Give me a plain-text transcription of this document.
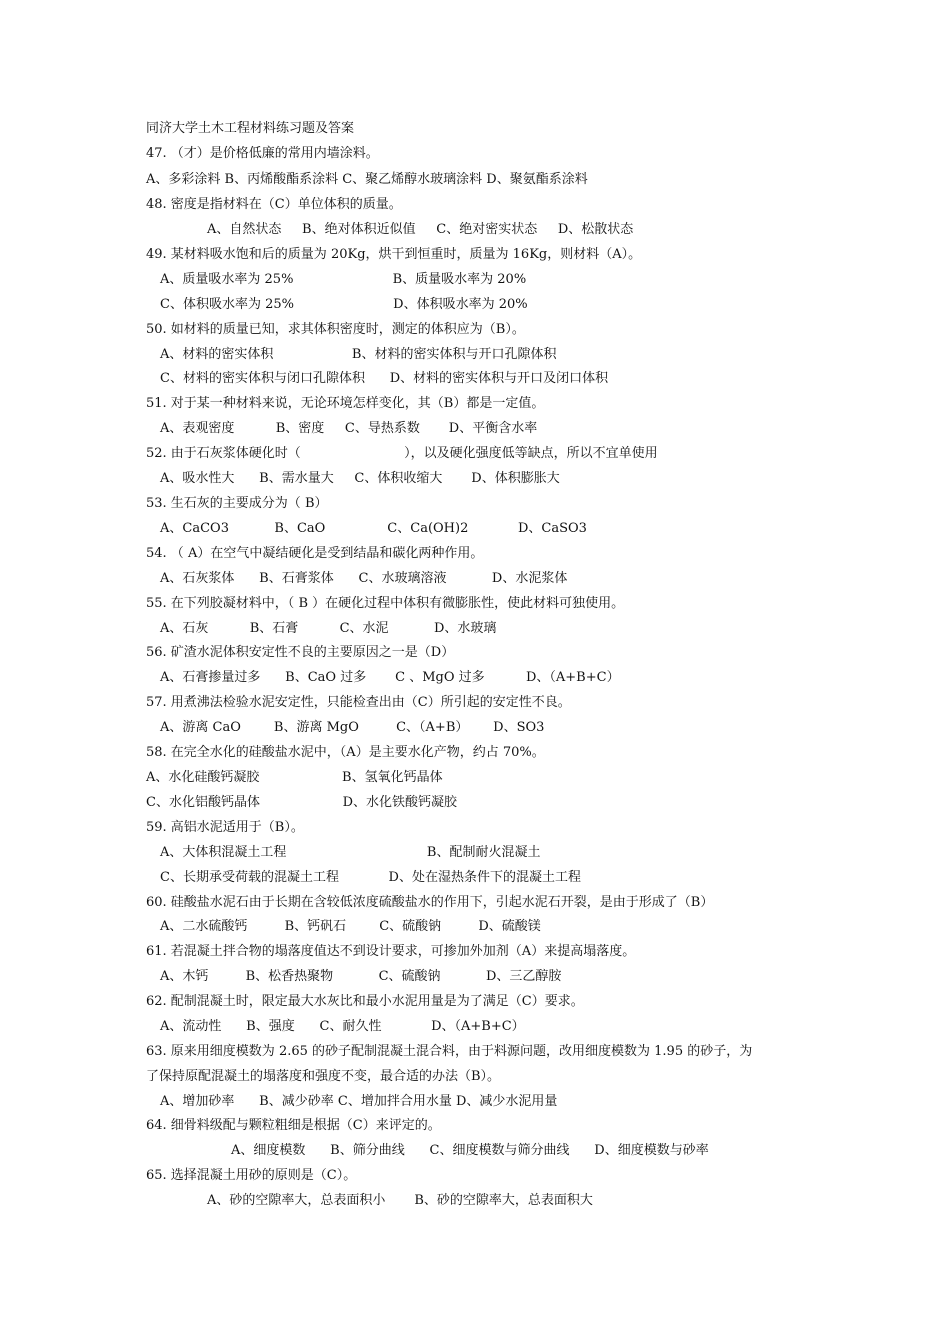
同济大学土木工程材料练习题及答案
47. （才）是价格低廉的常用内墙涂料。
A、多彩涂料 B、丙烯酸酯系涂料 C、聚乙烯醇水玻璃涂料 D、聚氨酯系涂料
48. 密度是指材料在（C）单位体积的质量。
A、自然状态     B、绝对体积近似值     C、绝对密实状态     D、松散状态
49. 某材料吸水饱和后的质量为 20Kg，烘干到恒重时，质量为 16Kg，则材料（A）。
A、质量吸水率为 25%                        B、质量吸水率为 20%
C、体积吸水率为 25%                        D、体积吸水率为 20%
50. 如材料的质量已知，求其体积密度时，测定的体积应为（B）。
A、材料的密实体积                   B、材料的密实体积与开口孔隙体积
C、材料的密实体积与闭口孔隙体积      D、材料的密实体积与开口及闭口体积
51. 对于某一种材料来说，无论环境怎样变化，其（B）都是一定值。
A、表观密度          B、密度     C、导热系数       D、平衡含水率
52. 由于石灰浆体硬化时（                         ），以及硬化强度低等缺点，所以不宜单使用
A、吸水性大      B、需水量大     C、体积收缩大       D、体积膨胀大
53. 生石灰的主要成分为（ B）
A、CaCO3           B、CaO               C、Ca(OH)2            D、CaSO3
54. （ A）在空气中凝结硬化是受到结晶和碳化两种作用。
A、石灰浆体      B、石膏浆体      C、水玻璃溶液           D、水泥浆体
55. 在下列胶凝材料中，（ B ）在硬化过程中体积有微膨胀性，使此材料可独使用。
A、石灰          B、石膏          C、水泥           D、水玻璃
56. 矿渣水泥体积安定性不良的主要原因之一是（D）
A、石膏掺量过多      B、CaO 过多       C 、MgO 过多          D、（A+B+C）
57. 用煮沸法检验水泥安定性，只能检查出由（C）所引起的安定性不良。
A、游离 CaO        B、游离 MgO         C、（A+B）      D、SO3
58. 在完全水化的硅酸盐水泥中，（A）是主要水化产物，约占 70%。
A、水化硅酸钙凝胶                    B、氢氧化钙晶体
C、水化铝酸钙晶体                    D、水化铁酸钙凝胶
59. 高铝水泥适用于（B）。
A、大体积混凝土工程                                  B、配制耐火混凝土
C、长期承受荷载的混凝土工程            D、处在湿热条件下的混凝土工程
60. 硅酸盐水泥石由于长期在含较低浓度硫酸盐水的作用下，引起水泥石开裂，是由于形成了（B）
A、二水硫酸钙         B、钙矾石        C、硫酸钠         D、硫酸镁
61. 若混凝土拌合物的塌落度值达不到设计要求，可掺加外加剂（A）来提高塌落度。
A、木钙         B、松香热聚物           C、硫酸钠           D、三乙醇胺
62. 配制混凝土时，限定最大水灰比和最小水泥用量是为了满足（C）要求。
A、流动性      B、强度      C、耐久性            D、（A+B+C）
63. 原来用细度模数为 2.65 的砂子配制混凝土混合料，由于料源问题，改用细度模数为 1.95 的砂子，为
了保持原配混凝土的塌落度和强度不变，最合适的办法（B）。
A、增加砂率      B、减少砂率 C、增加拌合用水量 D、减少水泥用量
64. 细骨料级配与颗粒粗细是根据（C）来评定的。
A、细度模数      B、筛分曲线      C、细度模数与筛分曲线      D、细度模数与砂率
65. 选择混凝土用砂的原则是（C）。
A、砂的空隙率大，总表面积小       B、砂的空隙率大，总表面积大
